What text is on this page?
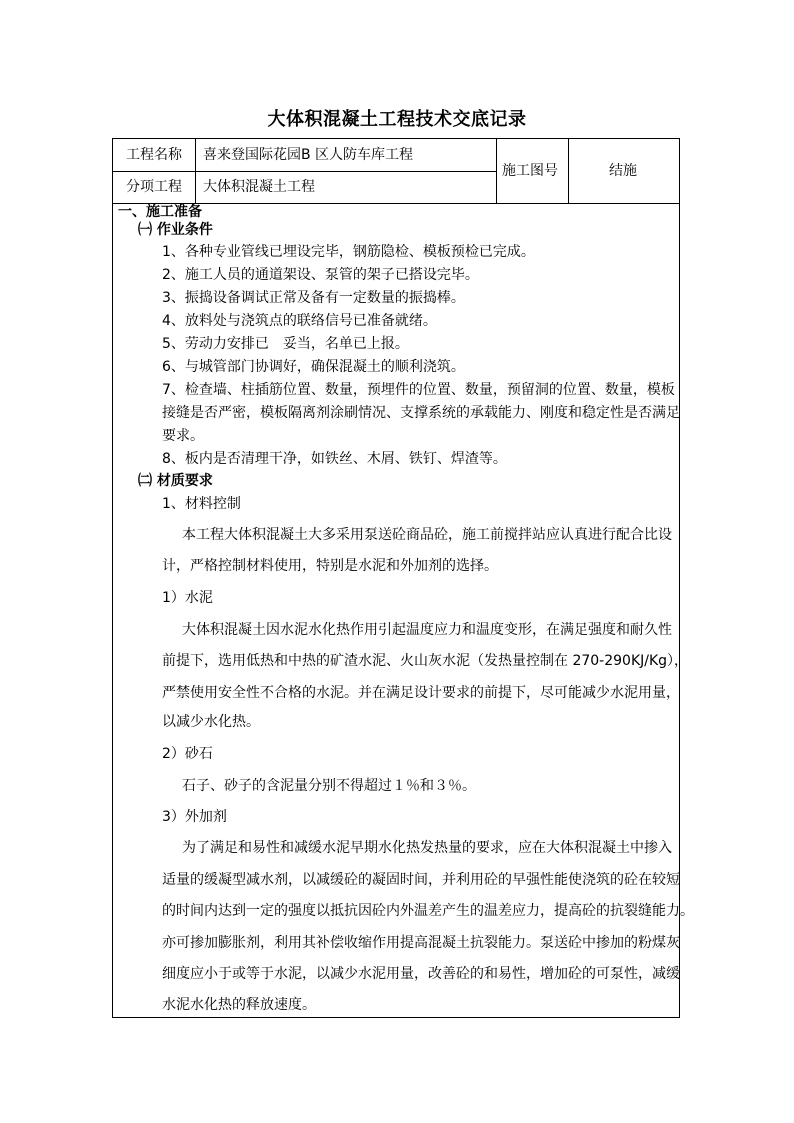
大体积混凝土工程技术交底记录
工程名称 喜来登国际花园B 区人防车库工程
分项工程 大体积混凝土工程
施工图号	结施
一、施工准备
㈠ 作业条件
1、各种专业管线已埋设完毕，钢筋隐检、模板预检已完成。
2、施工人员的通道架设、泵管的架子已搭设完毕。
3、振捣设备调试正常及备有一定数量的振捣棒。
4、放料处与浇筑点的联络信号已准备就绪。
5、劳动力安排已　妥当，名单已上报。
6、与城管部门协调好，确保混凝土的顺利浇筑。
7、检查墙、柱插筋位置、数量，预埋件的位置、数量，预留洞的位置、数量，模板
接缝是否严密，模板隔离剂涂刷情况、支撑系统的承载能力、刚度和稳定性是否满足
要求。
8、板内是否清理干净，如铁丝、木屑、铁钉、焊渣等。
㈡ 材质要求
1、材料控制
本工程大体积混凝土大多采用泵送砼商品砼，施工前搅拌站应认真进行配合比设
计，严格控制材料使用，特别是水泥和外加剂的选择。
1）水泥
大体积混凝土因水泥水化热作用引起温度应力和温度变形，在满足强度和耐久性
前提下，选用低热和中热的矿渣水泥、火山灰水泥（发热量控制在 270-290KJ/Kg），
严禁使用安全性不合格的水泥。并在满足设计要求的前提下，尽可能减少水泥用量，
以减少水化热。
2）砂石
石子、砂子的含泥量分别不得超过１％和３％。
3）外加剂
为了满足和易性和减缓水泥早期水化热发热量的要求，应在大体积混凝土中掺入
适量的缓凝型减水剂，以减缓砼的凝固时间，并利用砼的早强性能使浇筑的砼在较短
的时间内达到一定的强度以抵抗因砼内外温差产生的温差应力，提高砼的抗裂缝能力。
亦可掺加膨胀剂，利用其补偿收缩作用提高混凝土抗裂能力。泵送砼中掺加的粉煤灰
细度应小于或等于水泥，以减少水泥用量，改善砼的和易性，增加砼的可泵性，减缓
水泥水化热的释放速度。
